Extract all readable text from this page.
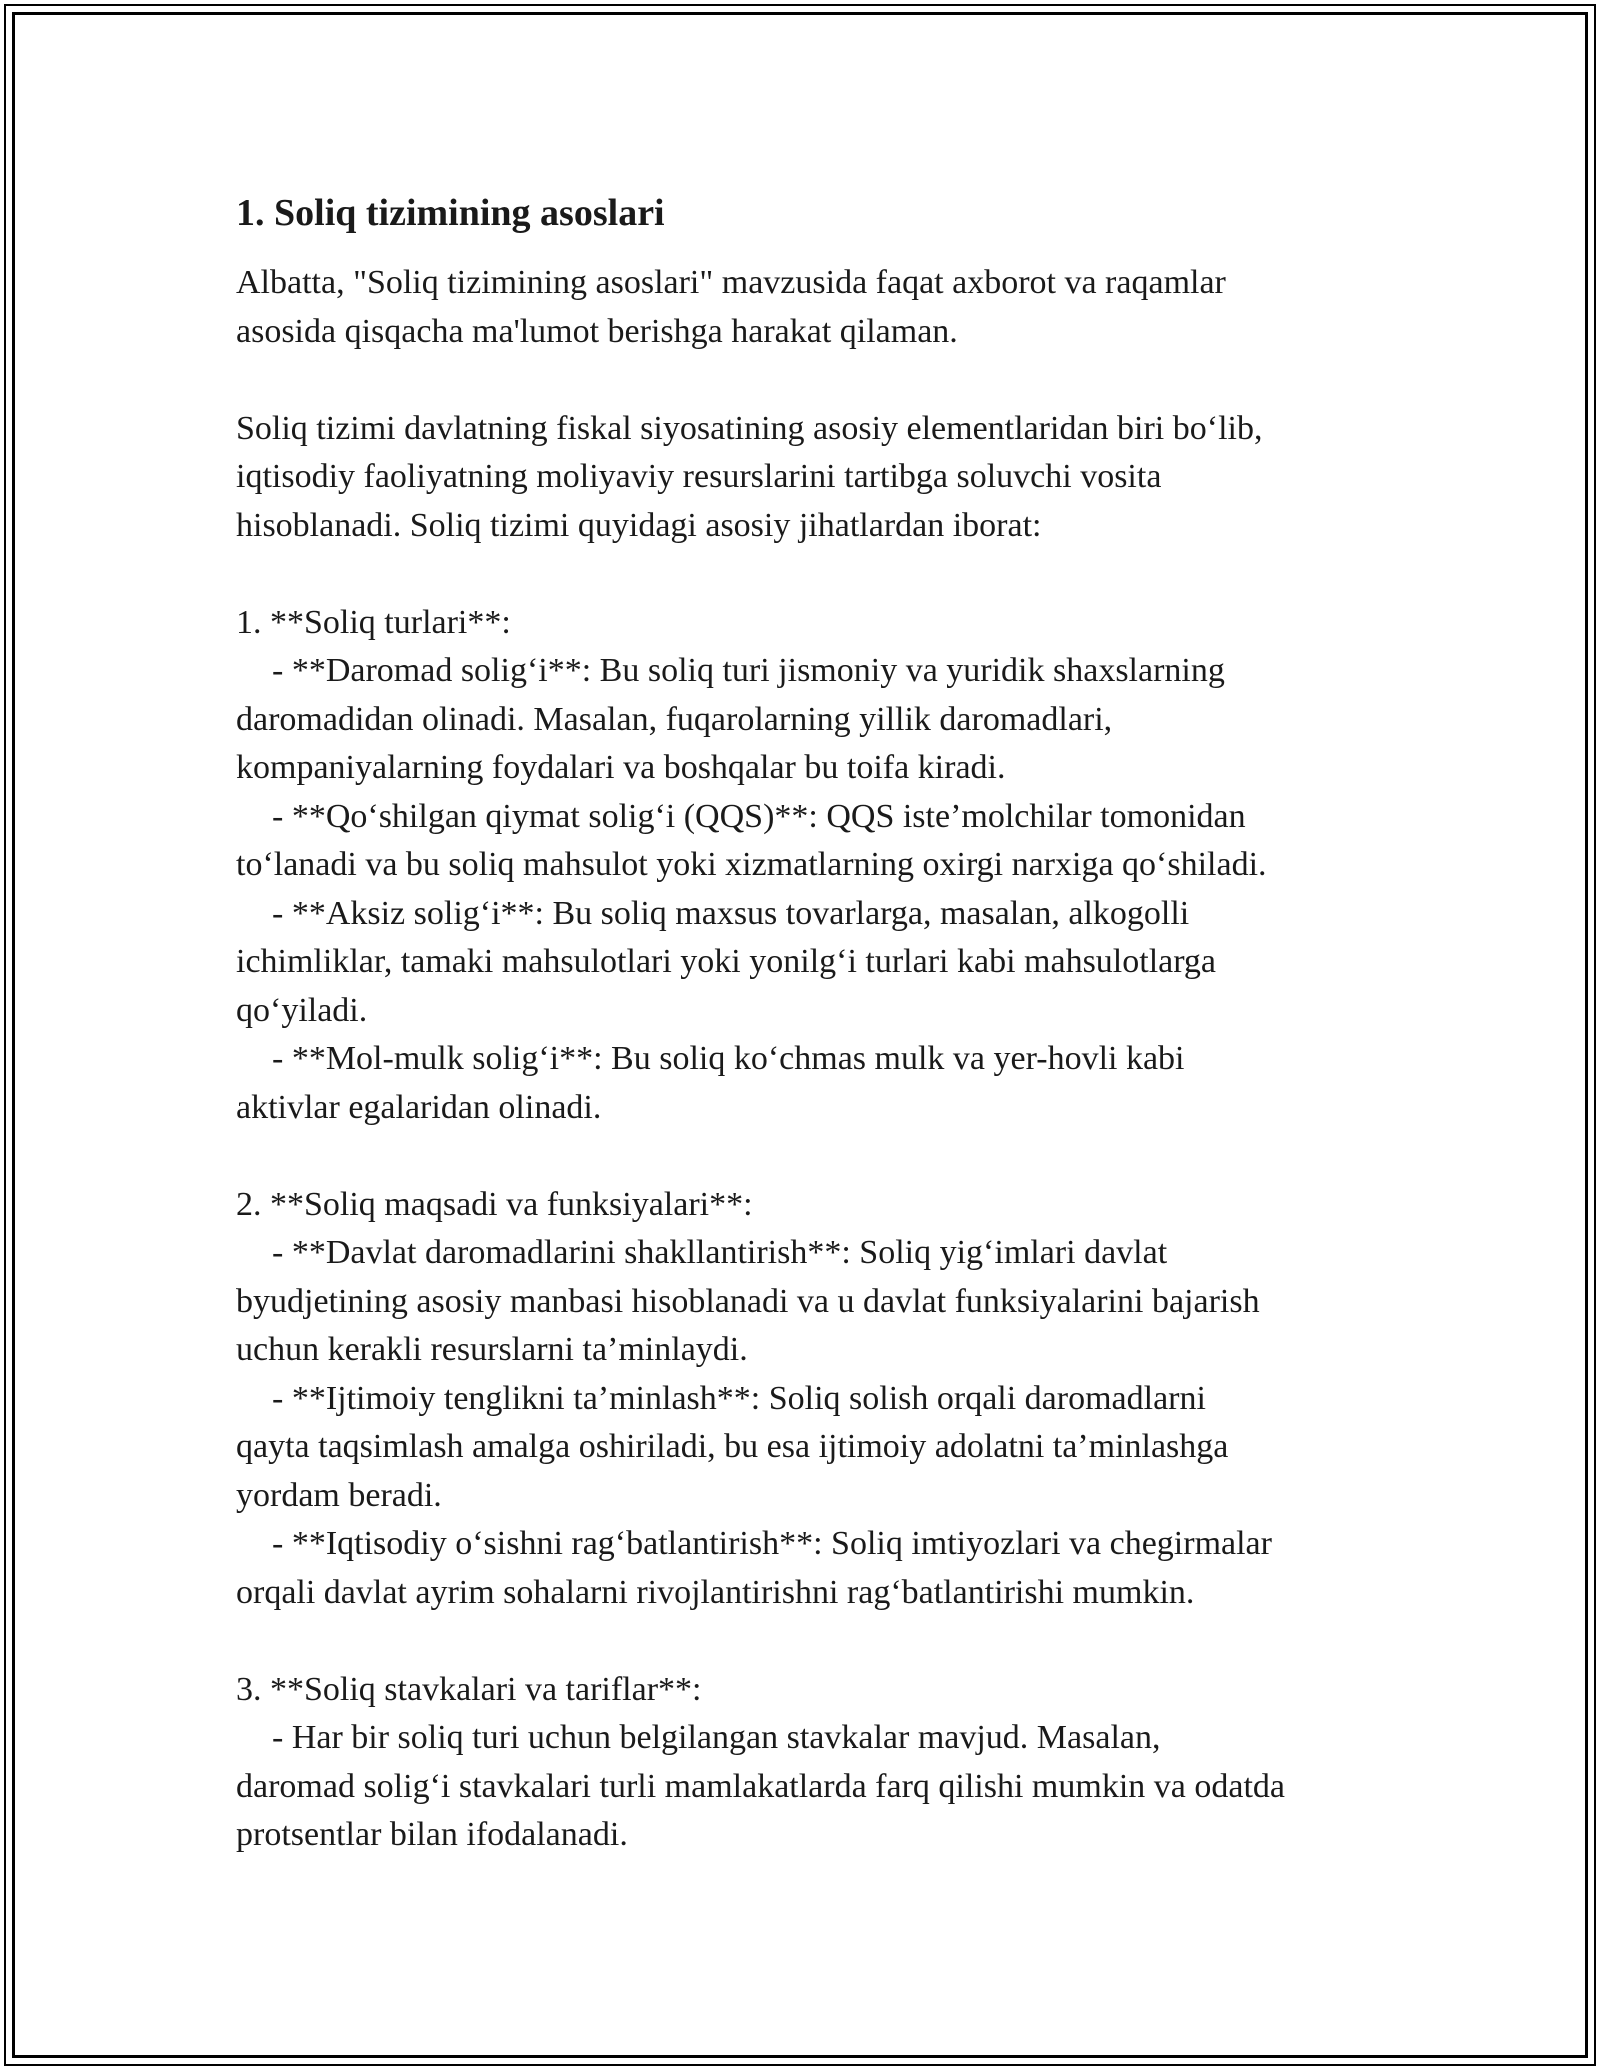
1. Soliq tizimining asoslari
Albatta, "Soliq tizimining asoslari" mavzusida faqat axborot va raqamlar
asosida qisqacha ma'lumot berishga harakat qilaman.
Soliq tizimi davlatning fiskal siyosatining asosiy elementlaridan biri bo‘lib,
iqtisodiy faoliyatning moliyaviy resurslarini tartibga soluvchi vosita
hisoblanadi. Soliq tizimi quyidagi asosiy jihatlardan iborat:
1. **Soliq turlari**:
- **Daromad solig‘i**: Bu soliq turi jismoniy va yuridik shaxslarning
daromadidan olinadi. Masalan, fuqarolarning yillik daromadlari,
kompaniyalarning foydalari va boshqalar bu toifa kiradi.
- **Qo‘shilgan qiymat solig‘i (QQS)**: QQS iste’molchilar tomonidan
to‘lanadi va bu soliq mahsulot yoki xizmatlarning oxirgi narxiga qo‘shiladi.
- **Aksiz solig‘i**: Bu soliq maxsus tovarlarga, masalan, alkogolli
ichimliklar, tamaki mahsulotlari yoki yonilg‘i turlari kabi mahsulotlarga
qo‘yiladi.
- **Mol-mulk solig‘i**: Bu soliq ko‘chmas mulk va yer-hovli kabi
aktivlar egalaridan olinadi.
2. **Soliq maqsadi va funksiyalari**:
- **Davlat daromadlarini shakllantirish**: Soliq yig‘imlari davlat
byudjetining asosiy manbasi hisoblanadi va u davlat funksiyalarini bajarish
uchun kerakli resurslarni ta’minlaydi.
- **Ijtimoiy tenglikni ta’minlash**: Soliq solish orqali daromadlarni
qayta taqsimlash amalga oshiriladi, bu esa ijtimoiy adolatni ta’minlashga
yordam beradi.
- **Iqtisodiy o‘sishni rag‘batlantirish**: Soliq imtiyozlari va chegirmalar
orqali davlat ayrim sohalarni rivojlantirishni rag‘batlantirishi mumkin.
3. **Soliq stavkalari va tariflar**:
- Har bir soliq turi uchun belgilangan stavkalar mavjud. Masalan,
daromad solig‘i stavkalari turli mamlakatlarda farq qilishi mumkin va odatda
protsentlar bilan ifodalanadi.
